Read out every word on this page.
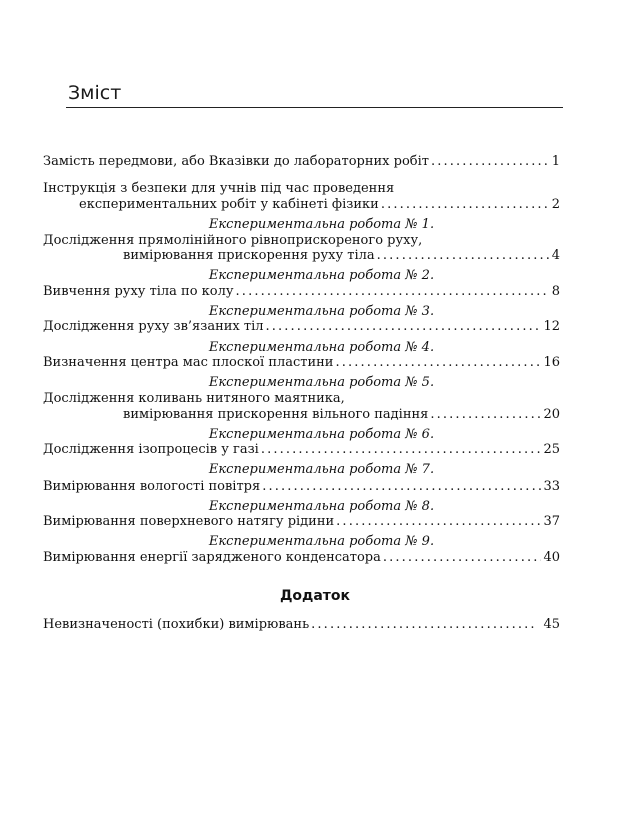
Зміст
Замість передмови, або Вказівки до лабораторних робіт . . .	1
Інструкція з безпеки для учнів під час проведення
експериментальних робіт у кабінеті фізики . . .	2
Експериментальна робота № 1.
Дослідження прямолінійного рівноприскореного руху,
вимірювання прискорення руху тіла . . .	4
Експериментальна робота № 2.
Вивчення руху тіла по колу . . .	8
Експериментальна робота № 3.
Дослідження руху зв’язаних тіл . . .	12
Експериментальна робота № 4.
Визначення центра мас плоскої пластини . . .	16
Експериментальна робота № 5.
Дослідження коливань нитяного маятника,
вимірювання прискорення вільного падіння . . .	20
Експериментальна робота № 6.
Дослідження ізопроцесів у газі . . .	25
Експериментальна робота № 7.
Вимірювання вологості повітря . . .	33
Експериментальна робота № 8.
Вимірювання поверхневого натягу рідини . . .	37
Експериментальна робота № 9.
Вимірювання енергії зарядженого конденсатора . . .	40
Невизначеності (похибки) вимірювань . . .	45
Додаток
